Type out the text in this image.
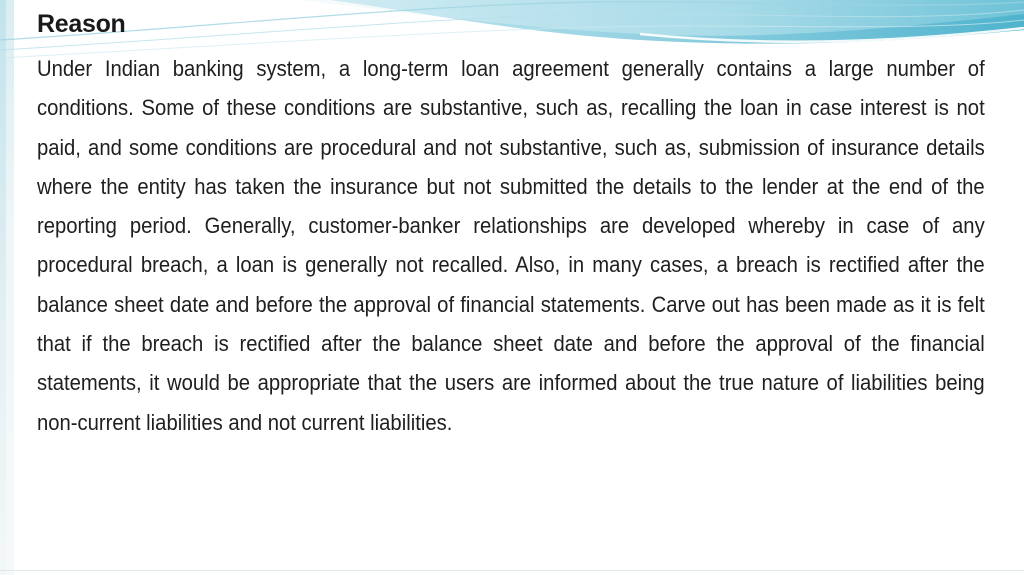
Reason

Under Indian banking system, a long-term loan agreement generally contains a large number of conditions. Some of these conditions are substantive, such as, recalling the loan in case interest is not paid, and some conditions are procedural and not substantive, such as, submission of insurance details where the entity has taken the insurance but not submitted the details to the lender at the end of the reporting period. Generally, customer-banker relationships are developed whereby in case of any procedural breach, a loan is generally not recalled. Also, in many cases, a breach is rectified after the balance sheet date and before the approval of financial statements. Carve out has been made as it is felt that if the breach is rectified after the balance sheet date and before the approval of the financial statements, it would be appropriate that the users are informed about the true nature of liabilities being non-current liabilities and not current liabilities.
